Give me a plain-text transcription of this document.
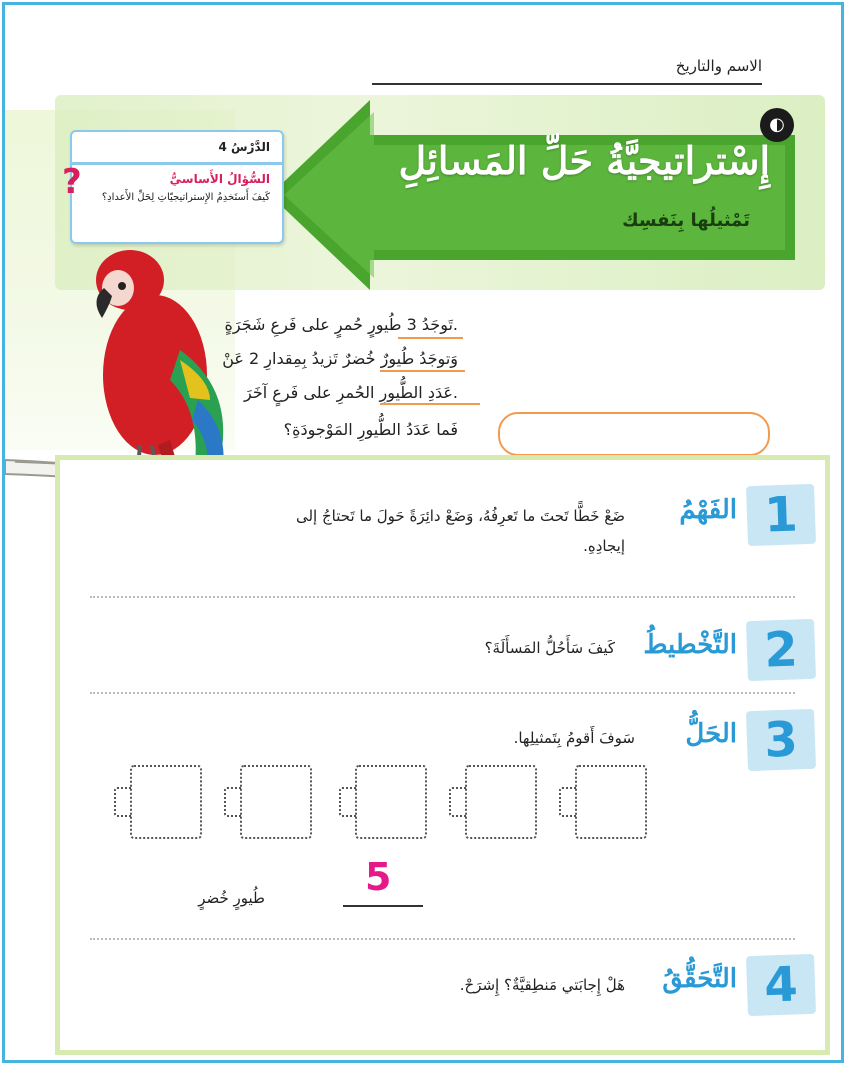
الاسم والتاريخ
إِسْتراتيجيَّةُ حَلِّ المَسائِلِ
تَمْثيلُها بِنَفسِك
◐
الدَّرْسُ 4
السُّؤالُ الأَساسيُّ
كَيفَ أَستَخدِمُ الإِستراتيجيّاتِ لِحَلِّ الأَعدادِ؟
?
تَوجَدُ 3 طُيورٍ حُمرٍ على فَرعِ شَجَرَةٍ.
وَتوجَدُ طُيورٌ خُضرٌ تَزيدُ بِمِقدارِ 2 عَنْ
عَدَدِ الطُّيورِ الحُمرِ على فَرعٍ آخَرَ.
فَما عَدَدُ الطُّيورِ المَوْجودَةِ؟
1
الفَهْمُ
ضَعْ خَطًّا تَحتَ ما تَعرِفُهُ، وَضَعْ دائِرَةً حَولَ ما تَحتاجُ إلى
إيجادِهِ.
2
التَّخْطيطُ
كَيفَ سَأَحُلُّ المَسأَلَةَ؟
3
الحَلُّ
سَوفَ أَقومُ بِتَمثيلِها.
5
طُيورٍ خُضرٍ
4
التَّحَقُّقُ
هَلْ إِجابَتي مَنطِقيَّةٌ؟ إِشرَحْ.
